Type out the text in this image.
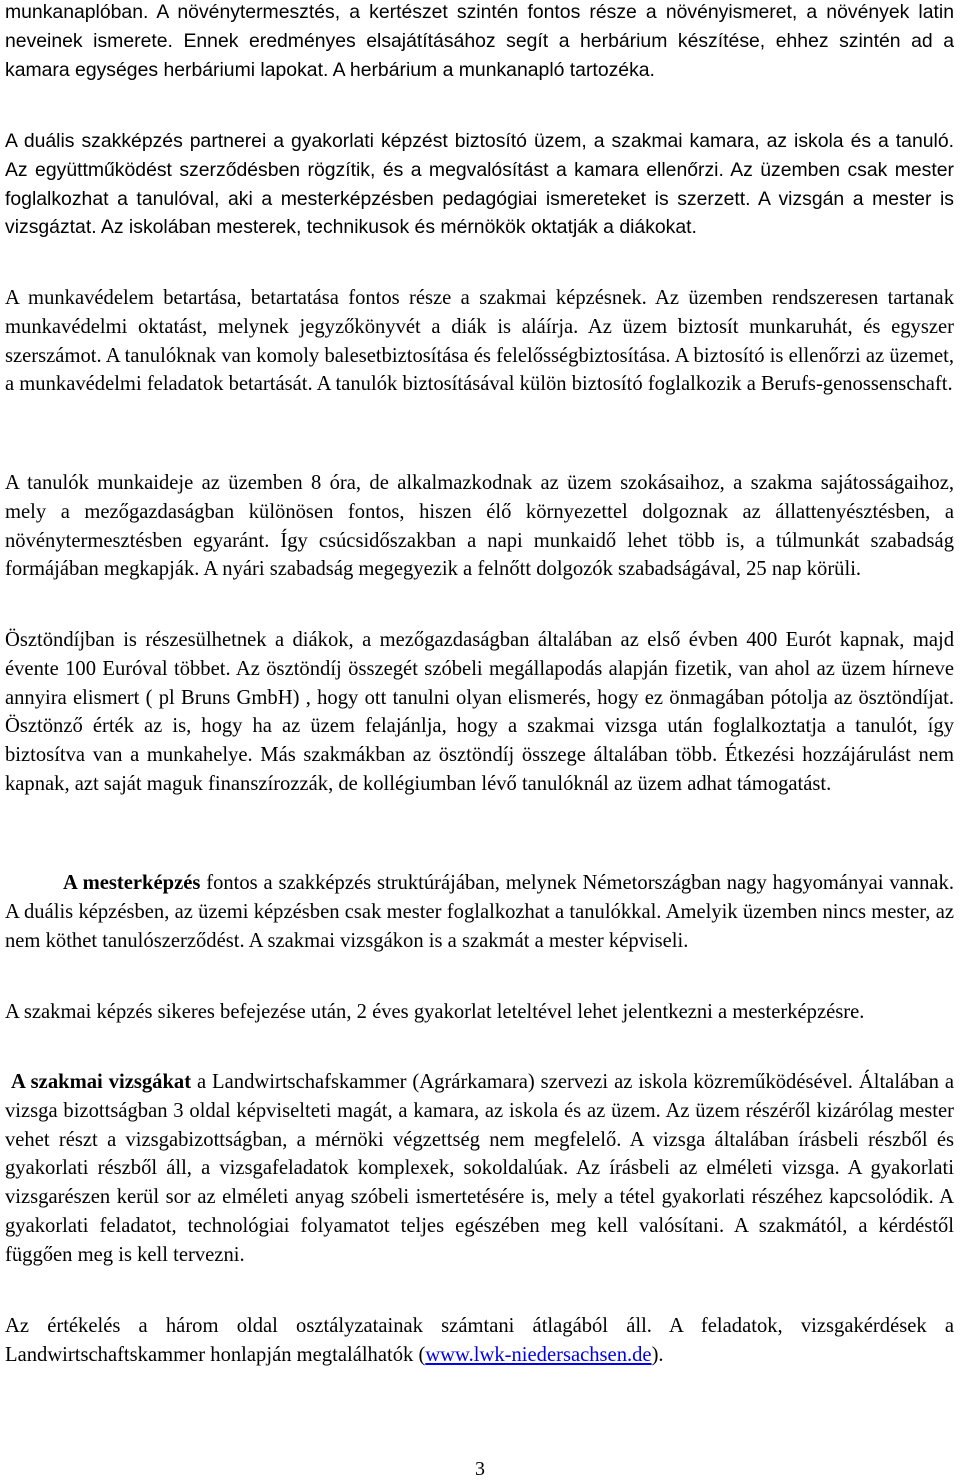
munkanaplóban. A növénytermesztés, a kertészet szintén fontos része a növényismeret, a növények latin neveinek ismerete. Ennek eredményes elsajátításához segít a herbárium készítése, ehhez szintén ad a kamara egységes herbáriumi lapokat. A herbárium a munkanapló tartozéka.

A duális szakképzés partnerei a gyakorlati képzést biztosító üzem, a szakmai kamara, az iskola és a tanuló. Az együttműködést szerződésben rögzítik, és a megvalósítást a kamara ellenőrzi. Az üzemben csak mester foglalkozhat a tanulóval, aki a mesterképzésben pedagógiai ismereteket is szerzett. A vizsgán a mester is vizsgáztat. Az iskolában mesterek, technikusok és mérnökök oktatják a diákokat.

A munkavédelem betartása, betartatása fontos része a szakmai képzésnek. Az üzemben rendszeresen tartanak munkavédelmi oktatást, melynek jegyzőkönyvét a diák is aláírja. Az üzem biztosít munkaruhát, és egyszer szerszámot. A tanulóknak van komoly balesetbiztosítása és felelősségbiztosítása. A biztosító is ellenőrzi az üzemet, a munkavédelmi feladatok betartását. A tanulók biztosításával külön biztosító foglalkozik a Berufs-genossenschaft.

A tanulók munkaideje az üzemben 8 óra, de alkalmazkodnak az üzem szokásaihoz, a szakma sajátosságaihoz, mely a mezőgazdaságban különösen fontos, hiszen élő környezettel dolgoznak az állattenyésztésben, a növénytermesztésben egyaránt. Így csúcsidőszakban a napi munkaidő lehet több is, a túlmunkát szabadság formájában megkapják. A nyári szabadság megegyezik a felnőtt dolgozók szabadságával, 25 nap körüli.

Ösztöndíjban is részesülhetnek a diákok, a mezőgazdaságban általában az első évben 400 Eurót kapnak, majd évente 100 Euróval többet. Az ösztöndíj összegét szóbeli megállapodás alapján fizetik, van ahol az üzem hírneve annyira elismert ( pl Bruns GmbH) , hogy ott tanulni olyan elismerés, hogy ez önmagában pótolja az ösztöndíjat. Ösztönző érték az is, hogy ha az üzem felajánlja, hogy a szakmai vizsga után foglalkoztatja a tanulót, így biztosítva van a munkahelye. Más szakmákban az ösztöndíj összege általában több. Étkezési hozzájárulást nem kapnak, azt saját maguk finanszírozzák, de kollégiumban lévő tanulóknál az üzem adhat támogatást.

A mesterképzés fontos a szakképzés struktúrájában, melynek Németországban nagy hagyományai vannak. A duális képzésben, az üzemi képzésben csak mester foglalkozhat a tanulókkal. Amelyik üzemben nincs mester, az nem köthet tanulószerződést. A szakmai vizsgákon is a szakmát a mester képviseli.

A szakmai képzés sikeres befejezése után, 2 éves gyakorlat leteltével lehet jelentkezni a mesterképzésre.

A szakmai vizsgákat a Landwirtschafskammer (Agrárkamara) szervezi az iskola közreműködésével. Általában a vizsga bizottságban 3 oldal képviselteti magát, a kamara, az iskola és az üzem. Az üzem részéről kizárólag mester vehet részt a vizsgabizottságban, a mérnöki végzettség nem megfelelő. A vizsga általában írásbeli részből és gyakorlati részből áll, a vizsgafeladatok komplexek, sokoldalúak. Az írásbeli az elméleti vizsga. A gyakorlati vizsgarészen kerül sor az elméleti anyag szóbeli ismertetésére is, mely a tétel gyakorlati részéhez kapcsolódik. A gyakorlati feladatot, technológiai folyamatot teljes egészében meg kell valósítani. A szakmától, a kérdéstől függően meg is kell tervezni.

Az értékelés a három oldal osztályzatainak számtani átlagából áll. A feladatok, vizsgakérdések a Landwirtschaftskammer honlapján megtalálhatók (www.lwk-niedersachsen.de).

3
